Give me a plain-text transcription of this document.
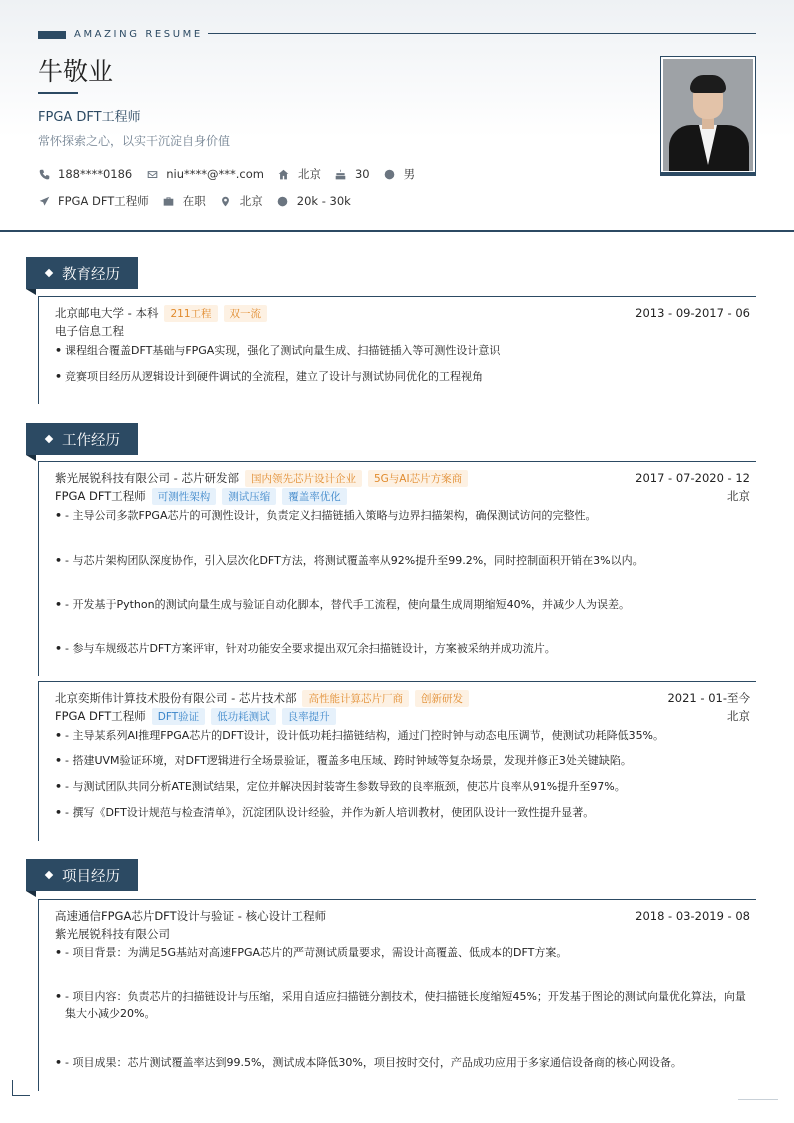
AMAZING RESUME
牛敬业
FPGA DFT工程师
常怀探索之心，以实干沉淀自身价值
188****0186	niu****@***.com	北京	30	男
FPGA DFT工程师	在职	北京	20k - 30k
教育经历
北京邮电大学 - 本科	211工程	双一流	2013 - 09-2017 - 06
电子信息工程
• 课程组合覆盖DFT基础与FPGA实现，强化了测试向量生成、扫描链插入等可测性设计意识
• 竞赛项目经历从逻辑设计到硬件调试的全流程，建立了设计与测试协同优化的工程视角
工作经历
紫光展锐科技有限公司 - 芯片研发部	国内领先芯片设计企业	5G与AI芯片方案商	2017 - 07-2020 - 12
FPGA DFT工程师	可测性架构	测试压缩	覆盖率优化	北京
• - 主导公司多款FPGA芯片的可测性设计，负责定义扫描链插入策略与边界扫描架构，确保测试访问的完整性。
• - 与芯片架构团队深度协作，引入层次化DFT方法，将测试覆盖率从92%提升至99.2%，同时控制面积开销在3%以内。
• - 开发基于Python的测试向量生成与验证自动化脚本，替代手工流程，使向量生成周期缩短40%，并减少人为误差。
• - 参与车规级芯片DFT方案评审，针对功能安全要求提出双冗余扫描链设计，方案被采纳并成功流片。
北京奕斯伟计算技术股份有限公司 - 芯片技术部	高性能计算芯片厂商	创新研发	2021 - 01-至今
FPGA DFT工程师	DFT验证	低功耗测试	良率提升	北京
• - 主导某系列AI推理FPGA芯片的DFT设计，设计低功耗扫描链结构，通过门控时钟与动态电压调节，使测试功耗降低35%。
• - 搭建UVM验证环境，对DFT逻辑进行全场景验证，覆盖多电压域、跨时钟域等复杂场景，发现并修正3处关键缺陷。
• - 与测试团队共同分析ATE测试结果，定位并解决因封装寄生参数导致的良率瓶颈，使芯片良率从91%提升至97%。
• - 撰写《DFT设计规范与检查清单》，沉淀团队设计经验，并作为新人培训教材，使团队设计一致性提升显著。
项目经历
高速通信FPGA芯片DFT设计与验证 - 核心设计工程师	2018 - 03-2019 - 08
紫光展锐科技有限公司
• - 项目背景：为满足5G基站对高速FPGA芯片的严苛测试质量要求，需设计高覆盖、低成本的DFT方案。
• - 项目内容：负责芯片的扫描链设计与压缩，采用自适应扫描链分割技术，使扫描链长度缩短45%；开发基于图论的测试向量优化算法，向量集大小减少20%。
• - 项目成果：芯片测试覆盖率达到99.5%，测试成本降低30%，项目按时交付，产品成功应用于多家通信设备商的核心网设备。
